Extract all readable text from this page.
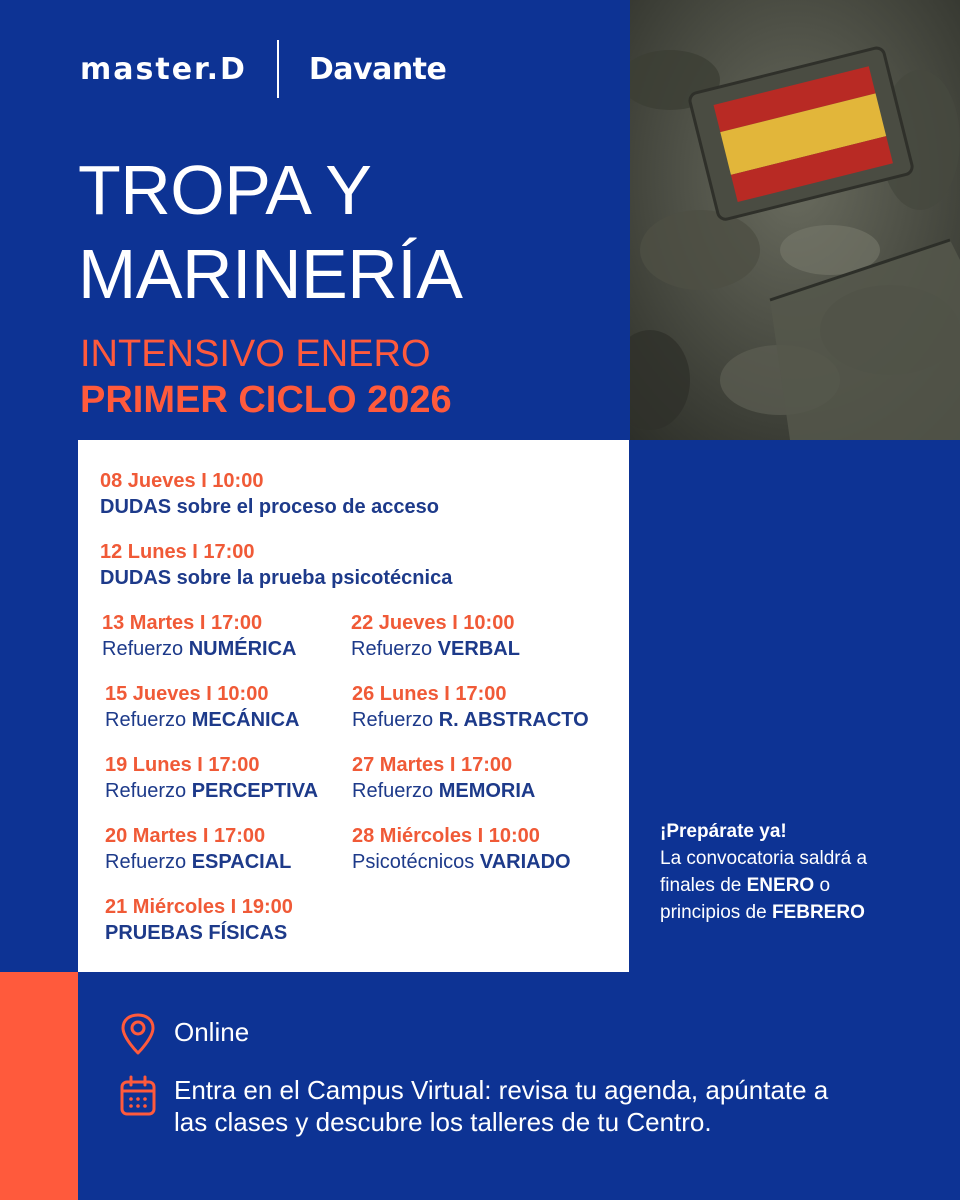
master.D Davante
TROPA Y
MARINERÍA
INTENSIVO ENERO
PRIMER CICLO 2026
08 Jueves I 10:00
DUDAS sobre el proceso de acceso
12 Lunes I 17:00
DUDAS sobre la prueba psicotécnica
13 Martes I 17:00
Refuerzo NUMÉRICA
22 Jueves I 10:00
Refuerzo VERBAL
15 Jueves I 10:00
Refuerzo MECÁNICA
26 Lunes I 17:00
Refuerzo R. ABSTRACTO
19 Lunes I 17:00
Refuerzo PERCEPTIVA
27 Martes I 17:00
Refuerzo MEMORIA
20 Martes I 17:00
Refuerzo ESPACIAL
28 Miércoles I 10:00
Psicotécnicos VARIADO
21 Miércoles I 19:00
PRUEBAS FÍSICAS
¡Prepárate ya!
La convocatoria saldrá a
finales de ENERO o
principios de FEBRERO
Online
Entra en el Campus Virtual: revisa tu agenda, apúntate a
las clases y descubre los talleres de tu Centro.
